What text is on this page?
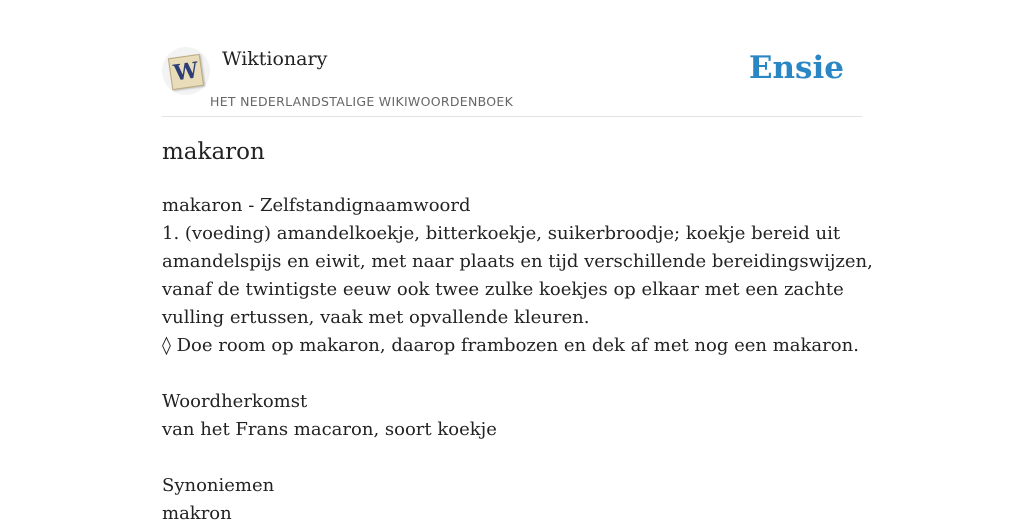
W Wiktionary
HET NEDERLANDSTALIGE WIKIWOORDENBOEK
Ensie
makaron
makaron - Zelfstandignaamwoord
1. (voeding) amandelkoekje, bitterkoekje, suikerbroodje; koekje bereid uit
amandelspijs en eiwit, met naar plaats en tijd verschillende bereidingswijzen,
vanaf de twintigste eeuw ook twee zulke koekjes op elkaar met een zachte
vulling ertussen, vaak met opvallende kleuren.
◊ Doe room op makaron, daarop frambozen en dek af met nog een makaron.
Woordherkomst
van het Frans macaron, soort koekje
Synoniemen
makron
